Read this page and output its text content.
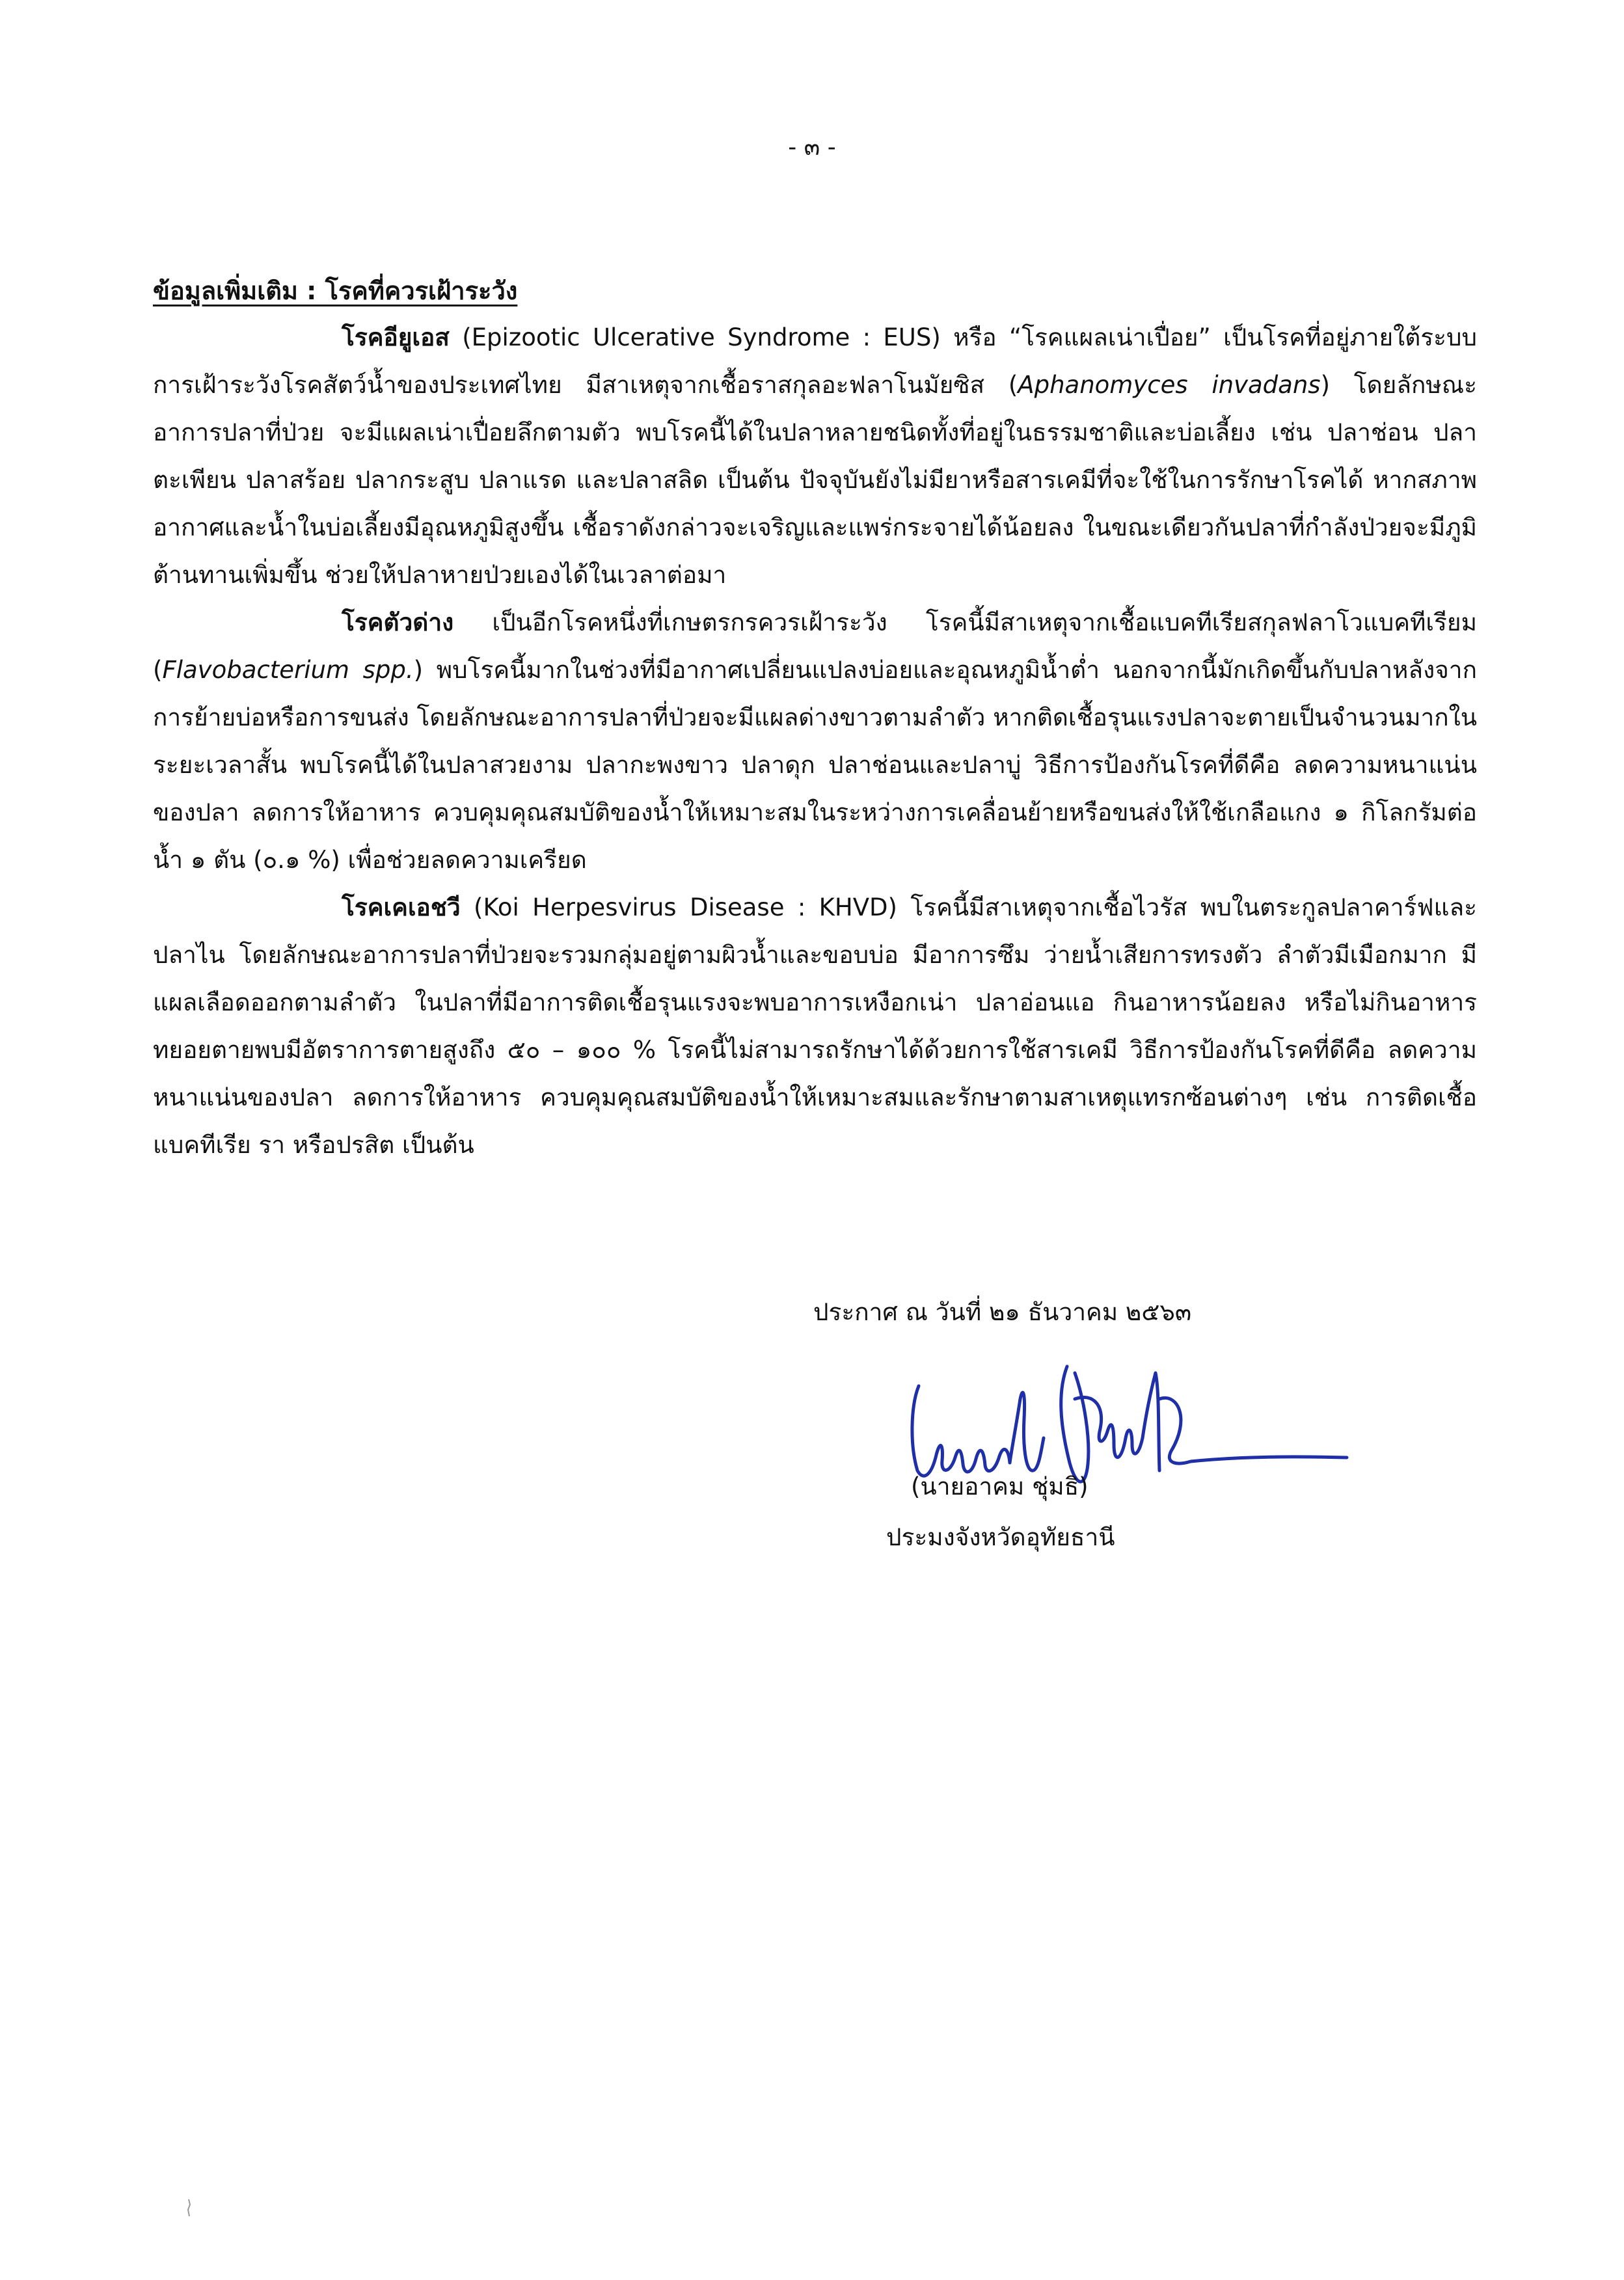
- ๓ -

ข้อมูลเพิ่มเติม : โรคที่ควรเฝ้าระวัง

โรคอียูเอส (Epizootic Ulcerative Syndrome : EUS) หรือ “โรคแผลเน่าเปื่อย” เป็นโรคที่อยู่ภายใต้ระบบการเฝ้าระวังโรคสัตว์น้ำของประเทศไทย มีสาเหตุจากเชื้อราสกุลอะฟลาโนมัยซิส (Aphanomyces invadans) โดยลักษณะอาการปลาที่ป่วย จะมีแผลเน่าเปื่อยลึกตามตัว พบโรคนี้ได้ในปลาหลายชนิดทั้งที่อยู่ในธรรมชาติและบ่อเลี้ยง เช่น ปลาช่อน ปลาตะเพียน ปลาสร้อย ปลากระสูบ ปลาแรด และปลาสลิด เป็นต้น ปัจจุบันยังไม่มียาหรือสารเคมีที่จะใช้ในการรักษาโรคได้ หากสภาพอากาศและน้ำในบ่อเลี้ยงมีอุณหภูมิสูงขึ้น เชื้อราดังกล่าวจะเจริญและแพร่กระจายได้น้อยลง ในขณะเดียวกันปลาที่กำลังป่วยจะมีภูมิต้านทานเพิ่มขึ้น ช่วยให้ปลาหายป่วยเองได้ในเวลาต่อมา

โรคตัวด่าง เป็นอีกโรคหนึ่งที่เกษตรกรควรเฝ้าระวัง โรคนี้มีสาเหตุจากเชื้อแบคทีเรียสกุลฟลาโวแบคทีเรียม (Flavobacterium spp.) พบโรคนี้มากในช่วงที่มีอากาศเปลี่ยนแปลงบ่อยและอุณหภูมิน้ำต่ำ นอกจากนี้มักเกิดขึ้นกับปลาหลังจากการย้ายบ่อหรือการขนส่ง โดยลักษณะอาการปลาที่ป่วยจะมีแผลด่างขาวตามลำตัว หากติดเชื้อรุนแรงปลาจะตายเป็นจำนวนมากในระยะเวลาสั้น พบโรคนี้ได้ในปลาสวยงาม ปลากะพงขาว ปลาดุก ปลาช่อนและปลาบู่ วิธีการป้องกันโรคที่ดีคือ ลดความหนาแน่นของปลา ลดการให้อาหาร ควบคุมคุณสมบัติของน้ำให้เหมาะสมในระหว่างการเคลื่อนย้ายหรือขนส่งให้ใช้เกลือแกง ๑ กิโลกรัมต่อน้ำ ๑ ตัน (๐.๑ %) เพื่อช่วยลดความเครียด

โรคเคเอชวี (Koi Herpesvirus Disease : KHVD) โรคนี้มีสาเหตุจากเชื้อไวรัส พบในตระกูลปลาคาร์ฟและปลาไน โดยลักษณะอาการปลาที่ป่วยจะรวมกลุ่มอยู่ตามผิวน้ำและขอบบ่อ มีอาการซึม ว่ายน้ำเสียการทรงตัว ลำตัวมีเมือกมาก มีแผลเลือดออกตามลำตัว ในปลาที่มีอาการติดเชื้อรุนแรงจะพบอาการเหงือกเน่า ปลาอ่อนแอ กินอาหารน้อยลง หรือไม่กินอาหาร ทยอยตายพบมีอัตราการตายสูงถึง ๕๐ – ๑๐๐ % โรคนี้ไม่สามารถรักษาได้ด้วยการใช้สารเคมี วิธีการป้องกันโรคที่ดีคือ ลดความหนาแน่นของปลา ลดการให้อาหาร ควบคุมคุณสมบัติของน้ำให้เหมาะสมและรักษาตามสาเหตุแทรกซ้อนต่างๆ เช่น การติดเชื้อแบคทีเรีย รา หรือปรสิต เป็นต้น

ประกาศ ณ วันที่ ๒๑ ธันวาคม ๒๕๖๓
(นายอาคม ชุ่มธิ)
ประมงจังหวัดอุทัยธานี
